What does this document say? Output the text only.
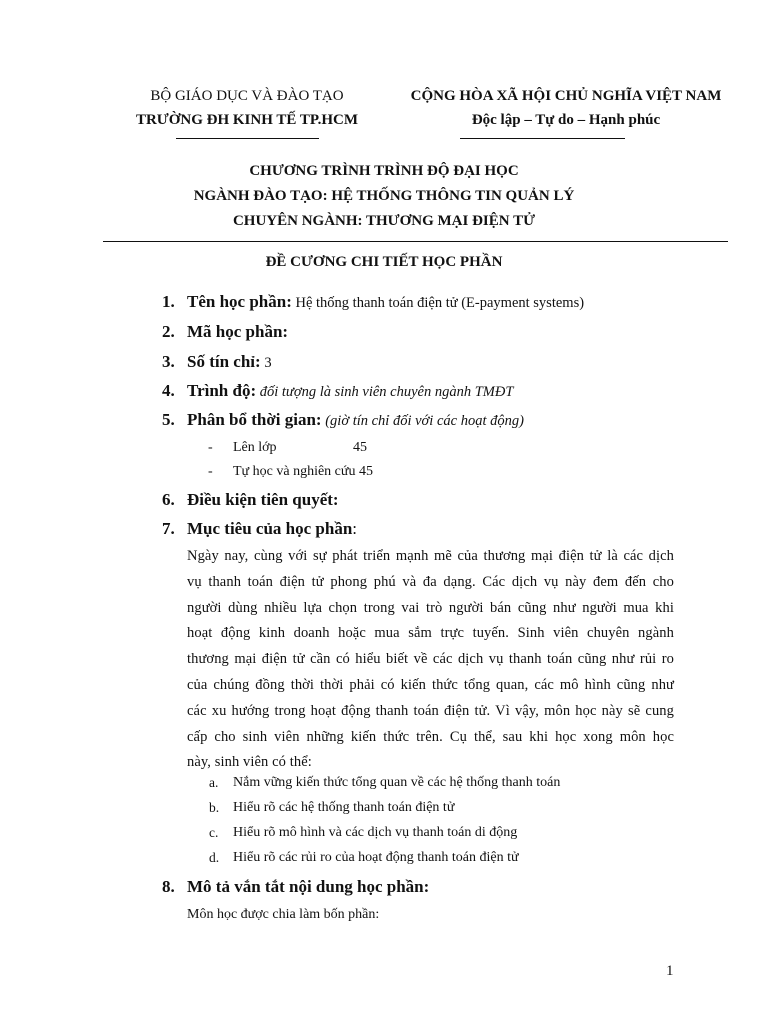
BỘ GIÁO DỤC VÀ ĐÀO TẠO
TRƯỜNG ĐH KINH TẾ TP.HCM
CỘNG HÒA XÃ HỘI CHỦ NGHĨA VIỆT NAM
Độc lập – Tự do – Hạnh phúc
CHƯƠNG TRÌNH TRÌNH ĐỘ ĐẠI HỌC
NGÀNH ĐÀO TẠO: HỆ THỐNG THÔNG TIN QUẢN LÝ
CHUYÊN NGÀNH: THƯƠNG MẠI ĐIỆN TỬ
ĐỀ CƯƠNG CHI TIẾT HỌC PHẦN
1. Tên học phần: Hệ thống thanh toán điện tử (E-payment systems)
2. Mã học phần:
3. Số tín chỉ: 3
4. Trình độ: đối tượng là sinh viên chuyên ngành TMĐT
5. Phân bổ thời gian: (giờ tín chỉ đối với các hoạt động)
- Lên lớp	45
- Tự học và nghiên cứu 45
6. Điều kiện tiên quyết:
7. Mục tiêu của học phần:
Ngày nay, cùng với sự phát triển mạnh mẽ của thương mại điện tử là các dịch
vụ thanh toán điện tử phong phú và đa dạng. Các dịch vụ này đem đến cho
người dùng nhiều lựa chọn trong vai trò người bán cũng như người mua khi
hoạt động kinh doanh hoặc mua sắm trực tuyến. Sinh viên chuyên ngành
thương mại điện tử cần có hiểu biết về các dịch vụ thanh toán cũng như rủi ro
của chúng đồng thời thời phải có kiến thức tổng quan, các mô hình cũng như
các xu hướng trong hoạt động thanh toán điện tử. Vì vậy, môn học này sẽ cung
cấp cho sinh viên những kiến thức trên. Cụ thể, sau khi học xong môn học
này, sinh viên có thể:
a. Nắm vững kiến thức tổng quan về các hệ thống thanh toán
b. Hiểu rõ các hệ thống thanh toán điện tử
c. Hiểu rõ mô hình và các dịch vụ thanh toán di động
d. Hiểu rõ các rủi ro của hoạt động thanh toán điện tử
8. Mô tả vắn tắt nội dung học phần:
Môn học được chia làm bốn phần:
1
